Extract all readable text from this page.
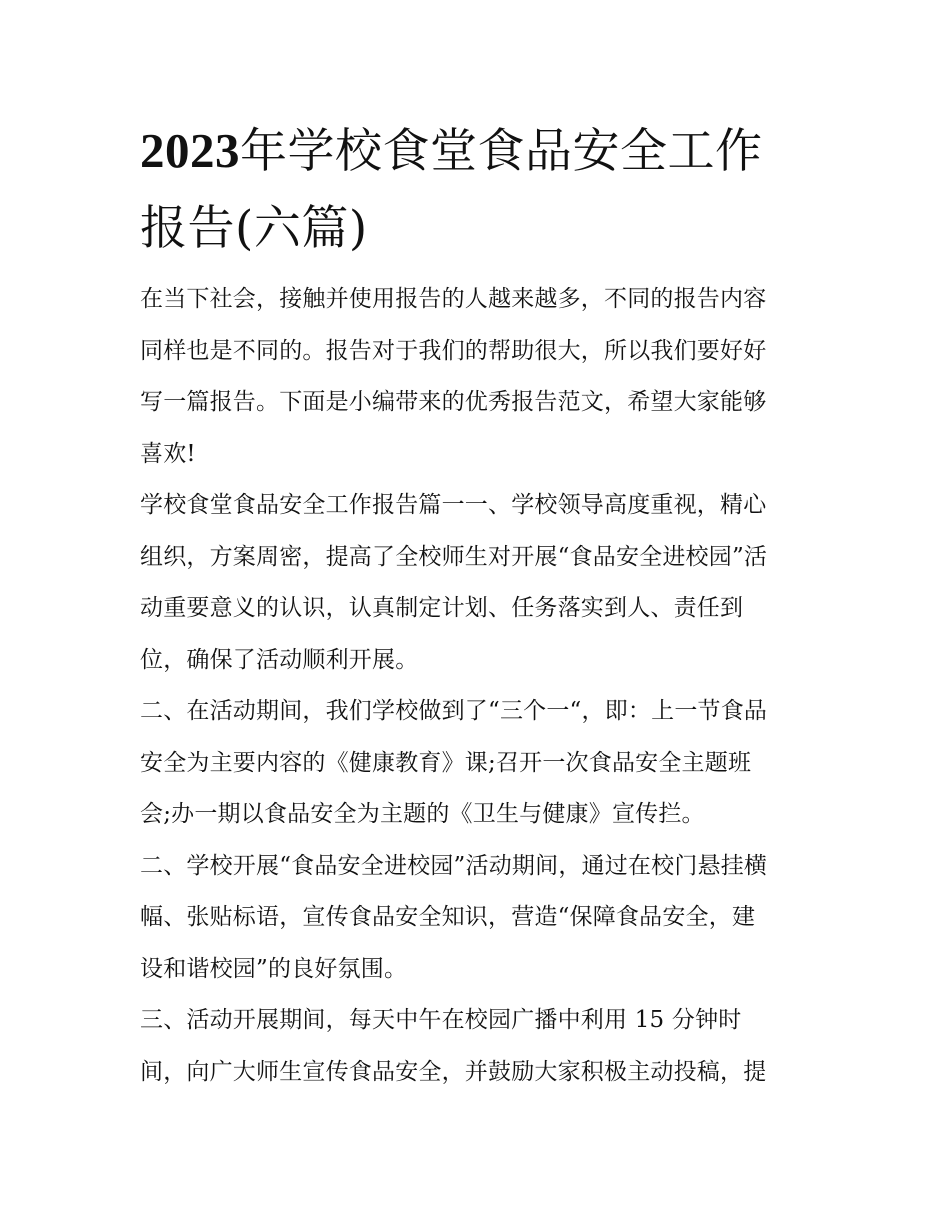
2023年学校食堂食品安全工作
报告(六篇)
在当下社会，接触并使用报告的人越来越多，不同的报告内容
同样也是不同的。报告对于我们的帮助很大，所以我们要好好
写一篇报告。下面是小编带来的优秀报告范文，希望大家能够
喜欢!
学校食堂食品安全工作报告篇一一、学校领导高度重视，精心
组织，方案周密，提高了全校师生对开展“食品安全进校园”活
动重要意义的认识，认真制定计划、任务落实到人、责任到
位，确保了活动顺利开展。
二、在活动期间，我们学校做到了“三个一“，即：上一节食品
安全为主要内容的《健康教育》课;召开一次食品安全主题班
会;办一期以食品安全为主题的《卫生与健康》宣传拦。
二、学校开展“食品安全进校园”活动期间，通过在校门悬挂横
幅、张贴标语，宣传食品安全知识，营造“保障食品安全，建
设和谐校园”的良好氛围。
三、活动开展期间，每天中午在校园广播中利用 15 分钟时
间，向广大师生宣传食品安全，并鼓励大家积极主动投稿，提
